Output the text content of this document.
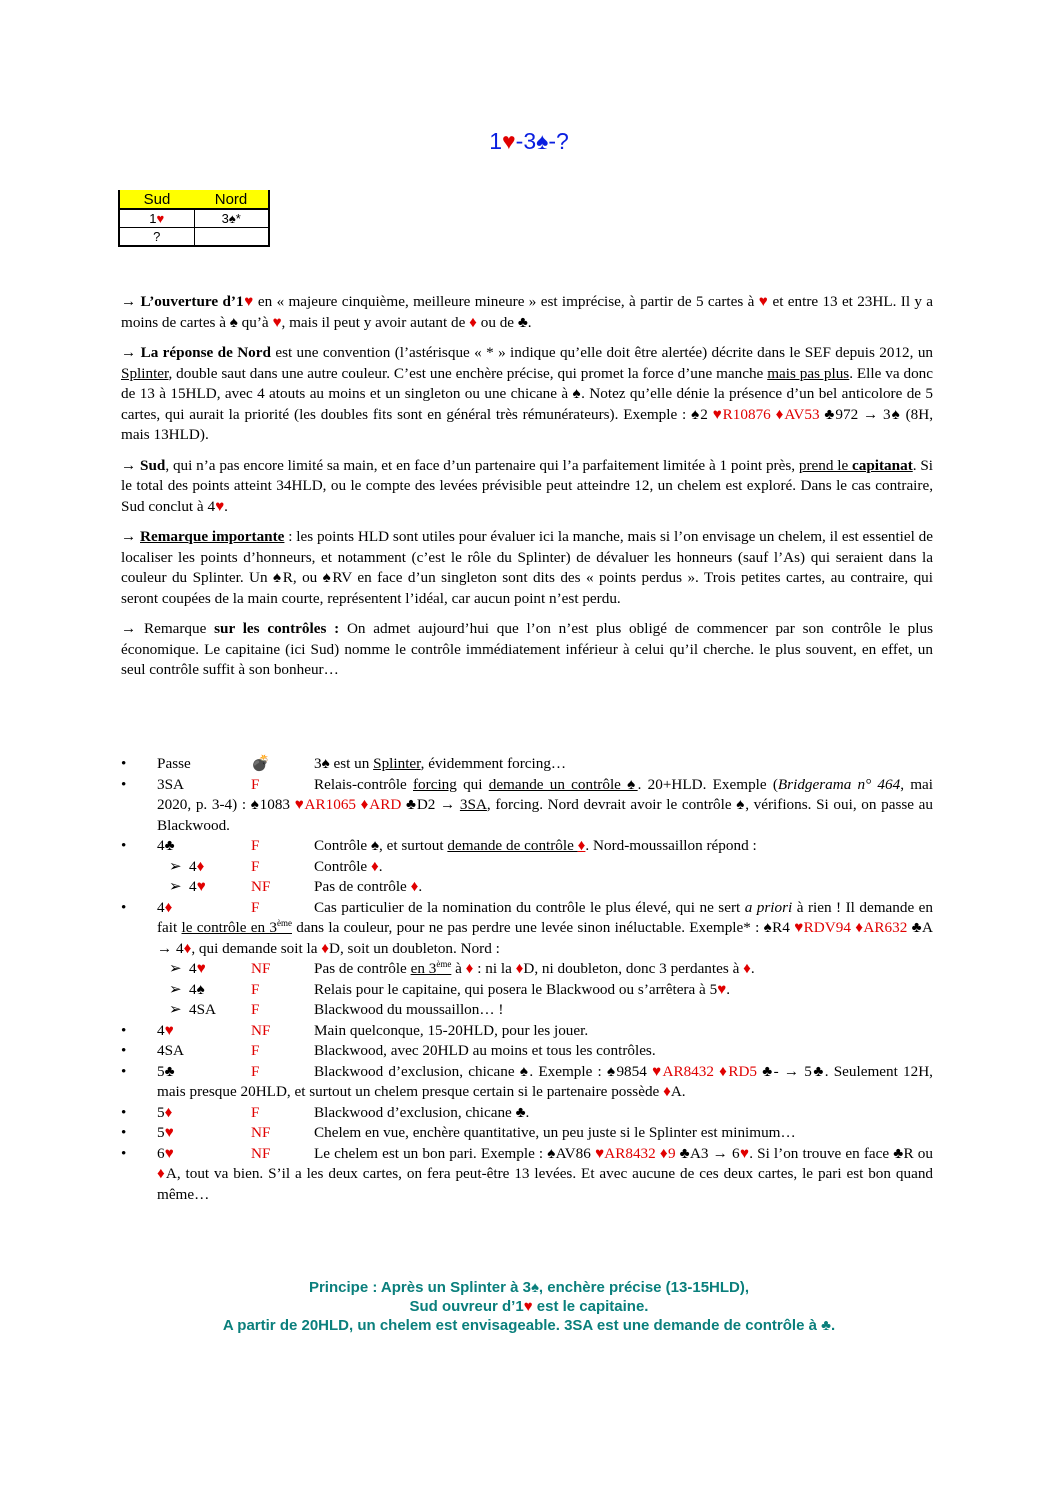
1♥-3♠-?
Sud	Nord
1♥	3♠*
?	

→ L’ouverture d’1♥ en « majeure cinquième, meilleure mineure » est imprécise, à partir de 5 cartes à ♥ et entre 13 et 23HL. Il y a moins de cartes à ♠ qu’à ♥, mais il peut y avoir autant de ♦ ou de ♣.

→ La réponse de Nord est une convention (l’astérisque « * » indique qu’elle doit être alertée) décrite dans le SEF depuis 2012, un Splinter, double saut dans une autre couleur. C’est une enchère précise, qui promet la force d’une manche mais pas plus. Elle va donc de 13 à 15HLD, avec 4 atouts au moins et un singleton ou une chicane à ♠. Notez qu’elle dénie la présence d’un bel anticolore de 5 cartes, qui aurait la priorité (les doubles fits sont en général très rémunérateurs). Exemple : ♠2 ♥R10876 ♦AV53 ♣972 → 3♠ (8H, mais 13HLD).

→ Sud, qui n’a pas encore limité sa main, et en face d’un partenaire qui l’a parfaitement limitée à 1 point près, prend le capitanat. Si le total des points atteint 34HLD, ou le compte des levées prévisible peut atteindre 12, un chelem est exploré. Dans le cas contraire, Sud conclut à 4♥.

→ Remarque importante : les points HLD sont utiles pour évaluer ici la manche, mais si l’on envisage un chelem, il est essentiel de localiser les points d’honneurs, et notamment (c’est le rôle du Splinter) de dévaluer les honneurs (sauf l’As) qui seraient dans la couleur du Splinter. Un ♠R, ou ♠RV en face d’un singleton sont dits des « points perdus ». Trois petites cartes, au contraire, qui seront coupées de la main courte, représentent l’idéal, car aucun point n’est perdu.

→ Remarque sur les contrôles : On admet aujourd’hui que l’on n’est plus obligé de commencer par son contrôle le plus économique. Le capitaine (ici Sud) nomme le contrôle immédiatement inférieur à celui qu’il cherche. le plus souvent, en effet, un seul contrôle suffit à son bonheur…

•	Passe	💣	3♠ est un Splinter, évidemment forcing…
•	3SA	F	Relais-contrôle forcing qui demande un contrôle ♠. 20+HLD. Exemple (Bridgerama n° 464, mai 2020, p. 3-4) : ♠1083 ♥AR1065 ♦ARD ♣D2 → 3SA, forcing. Nord devrait avoir le contrôle ♠, vérifions. Si oui, on passe au Blackwood.
•	4♣	F	Contrôle ♠, et surtout demande de contrôle ♦. Nord-moussaillon répond :
➢ 4♦	F	Contrôle ♦.
➢ 4♥	NF	Pas de contrôle ♦.
•	4♦	F	Cas particulier de la nomination du contrôle le plus élevé, qui ne sert a priori à rien ! Il demande en fait le contrôle en 3ème dans la couleur, pour ne pas perdre une levée sinon inéluctable. Exemple* : ♠R4 ♥RDV94 ♦AR632 ♣A → 4♦, qui demande soit la ♦D, soit un doubleton. Nord :
➢ 4♥	NF	Pas de contrôle en 3ème à ♦ : ni la ♦D, ni doubleton, donc 3 perdantes à ♦.
➢ 4♠	F	Relais pour le capitaine, qui posera le Blackwood ou s’arrêtera à 5♥.
➢ 4SA F	Blackwood du moussaillon… !
•	4♥	NF	Main quelconque, 15-20HLD, pour les jouer.
•	4SA	F	Blackwood, avec 20HLD au moins et tous les contrôles.
•	5♣	F	Blackwood d’exclusion, chicane ♠. Exemple : ♠9854 ♥AR8432 ♦RD5 ♣- → 5♣. Seulement 12H, mais presque 20HLD, et surtout un chelem presque certain si le partenaire possède ♦A.
•	5♦	F	Blackwood d’exclusion, chicane ♣.
•	5♥	NF	Chelem en vue, enchère quantitative, un peu juste si le Splinter est minimum…
•	6♥	NF	Le chelem est un bon pari. Exemple : ♠AV86 ♥AR8432 ♦9 ♣A3 → 6♥. Si l’on trouve en face ♣R ou ♦A, tout va bien. S’il a les deux cartes, on fera peut-être 13 levées. Et avec aucune de ces deux cartes, le pari est bon quand même…
Principe : Après un Splinter à 3♠, enchère précise (13-15HLD),
Sud ouvreur d’1♥ est le capitaine.
A partir de 20HLD, un chelem est envisageable. 3SA est une demande de contrôle à ♣.
